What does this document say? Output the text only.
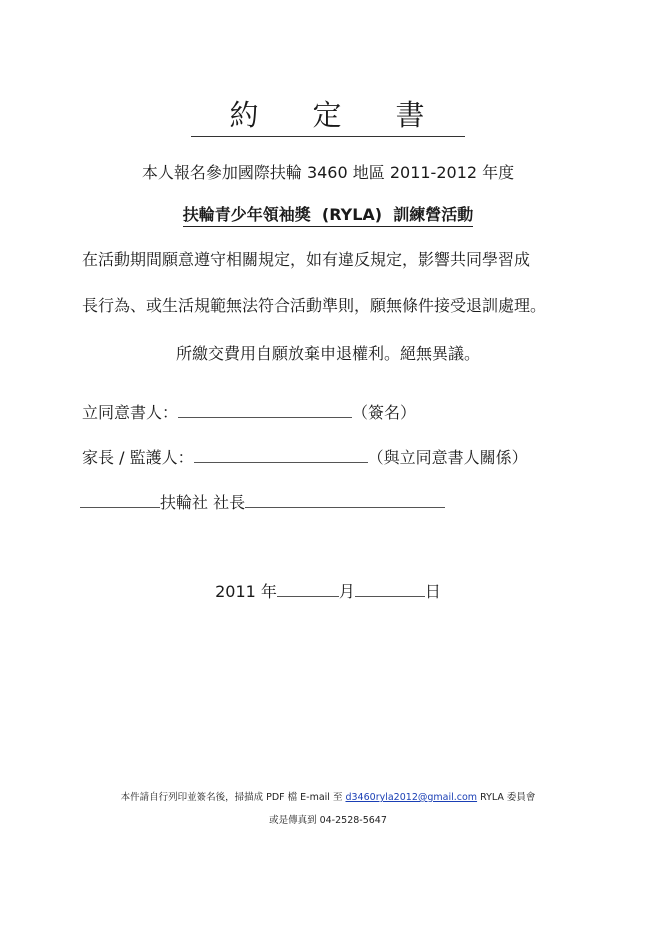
約 定 書
本人報名參加國際扶輪 3460 地區 2011-2012 年度
扶輪青少年領袖獎 (RYLA) 訓練營活動
在活動期間願意遵守相關規定，如有違反規定，影響共同學習成
長行為、或生活規範無法符合活動準則，願無條件接受退訓處理。
所繳交費用自願放棄申退權利。絕無異議。
立同意書人：	（簽名）
家長 / 監護人：	（與立同意書人關係）
扶輪社 社長
2011 年	月	日
本件請自行列印並簽名後，掃描成 PDF 檔 E-mail 至 d3460ryla2012@gmail.com RYLA 委員會
或是傳真到 04-2528-5647
